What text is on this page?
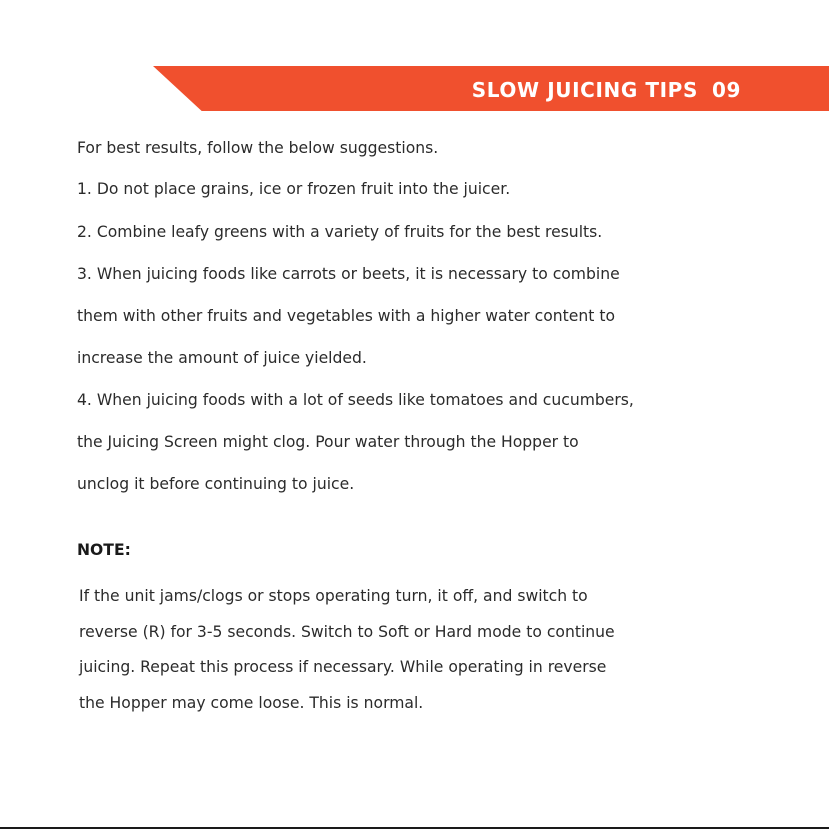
SLOW JUICING TIPS 09
For best results, follow the below suggestions.
1. Do not place grains, ice or frozen fruit into the juicer.
2. Combine leafy greens with a variety of fruits for the best results.
3. When juicing foods like carrots or beets, it is necessary to combine
them with other fruits and vegetables with a higher water content to
increase the amount of juice yielded.
4. When juicing foods with a lot of seeds like tomatoes and cucumbers,
the Juicing Screen might clog. Pour water through the Hopper to
unclog it before continuing to juice.
NOTE:
If the unit jams/clogs or stops operating turn, it off, and switch to
reverse (R) for 3-5 seconds. Switch to Soft or Hard mode to continue
juicing. Repeat this process if necessary. While operating in reverse
the Hopper may come loose. This is normal.
